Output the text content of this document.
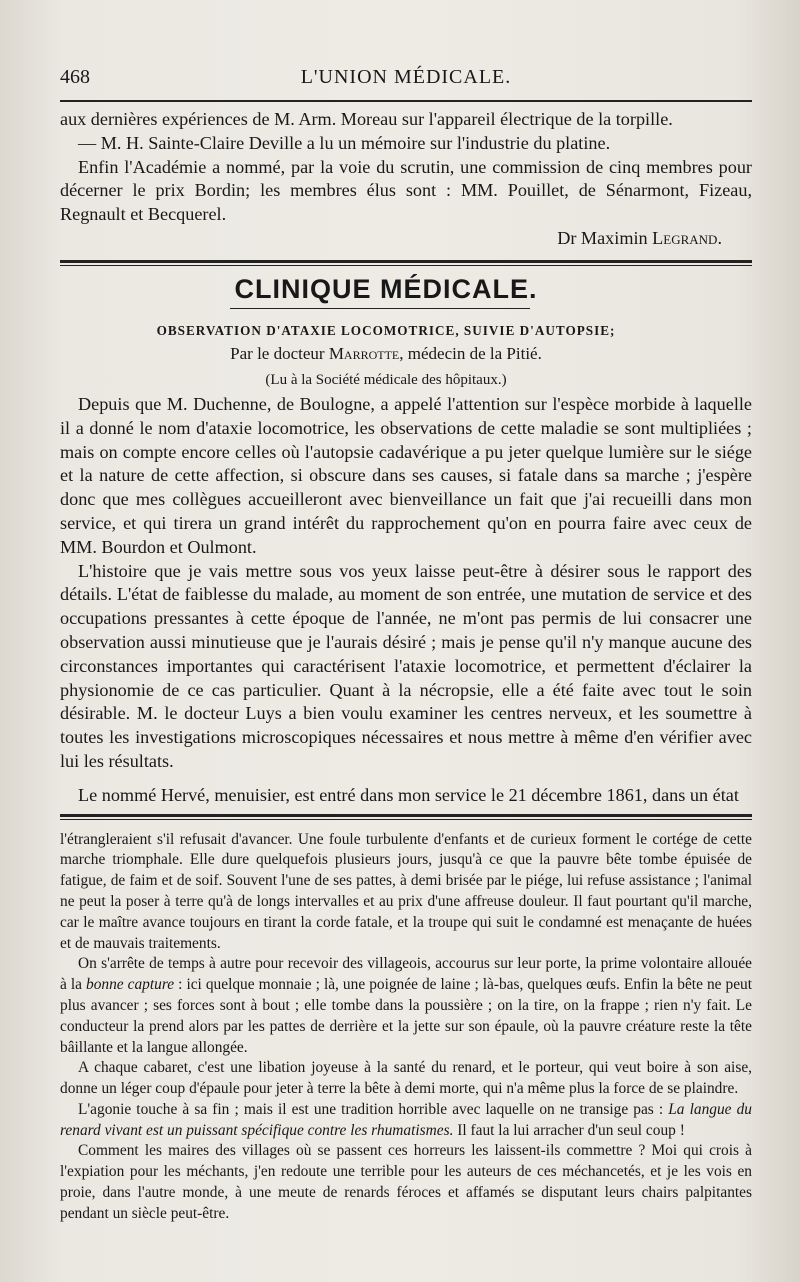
468	L'UNION MÉDICALE.

aux dernières expériences de M. Arm. Moreau sur l'appareil électrique de la torpille.

— M. H. Sainte-Claire Deville a lu un mémoire sur l'industrie du platine.

Enfin l'Académie a nommé, par la voie du scrutin, une commission de cinq membres pour décerner le prix Bordin; les membres élus sont : MM. Pouillet, de Sénarmont, Fizeau, Regnault et Becquerel.

Dr Maximin Legrand.

CLINIQUE MÉDICALE.
OBSERVATION D'ATAXIE LOCOMOTRICE, SUIVIE D'AUTOPSIE;
Par le docteur Marrotte, médecin de la Pitié.
(Lu à la Société médicale des hôpitaux.)

Depuis que M. Duchenne, de Boulogne, a appelé l'attention sur l'espèce morbide à laquelle il a donné le nom d'ataxie locomotrice, les observations de cette maladie se sont multipliées ; mais on compte encore celles où l'autopsie cadavérique a pu jeter quelque lumière sur le siége et la nature de cette affection, si obscure dans ses causes, si fatale dans sa marche ; j'espère donc que mes collègues accueilleront avec bienveillance un fait que j'ai recueilli dans mon service, et qui tirera un grand intérêt du rapprochement qu'on en pourra faire avec ceux de MM. Bourdon et Oulmont.

L'histoire que je vais mettre sous vos yeux laisse peut-être à désirer sous le rapport des détails. L'état de faiblesse du malade, au moment de son entrée, une mutation de service et des occupations pressantes à cette époque de l'année, ne m'ont pas permis de lui consacrer une observation aussi minutieuse que je l'aurais désiré ; mais je pense qu'il n'y manque aucune des circonstances importantes qui caractérisent l'ataxie locomotrice, et permettent d'éclairer la physionomie de ce cas particulier. Quant à la nécropsie, elle a été faite avec tout le soin désirable. M. le docteur Luys a bien voulu examiner les centres nerveux, et les soumettre à toutes les investigations microscopiques nécessaires et nous mettre à même d'en vérifier avec lui les résultats.

Le nommé Hervé, menuisier, est entré dans mon service le 21 décembre 1861, dans un état

l'étrangleraient s'il refusait d'avancer. Une foule turbulente d'enfants et de curieux forment le cortége de cette marche triomphale. Elle dure quelquefois plusieurs jours, jusqu'à ce que la pauvre bête tombe épuisée de fatigue, de faim et de soif. Souvent l'une de ses pattes, à demi brisée par le piége, lui refuse assistance ; l'animal ne peut la poser à terre qu'à de longs intervalles et au prix d'une affreuse douleur. Il faut pourtant qu'il marche, car le maître avance toujours en tirant la corde fatale, et la troupe qui suit le condamné est menaçante de huées et de mauvais traitements.

On s'arrête de temps à autre pour recevoir des villageois, accourus sur leur porte, la prime volontaire allouée à la bonne capture : ici quelque monnaie ; là, une poignée de laine ; là-bas, quelques œufs. Enfin la bête ne peut plus avancer ; ses forces sont à bout ; elle tombe dans la poussière ; on la tire, on la frappe ; rien n'y fait. Le conducteur la prend alors par les pattes de derrière et la jette sur son épaule, où la pauvre créature reste la tête bâillante et la langue allongée.

A chaque cabaret, c'est une libation joyeuse à la santé du renard, et le porteur, qui veut boire à son aise, donne un léger coup d'épaule pour jeter à terre la bête à demi morte, qui n'a même plus la force de se plaindre.

L'agonie touche à sa fin ; mais il est une tradition horrible avec laquelle on ne transige pas : La langue du renard vivant est un puissant spécifique contre les rhumatismes. Il faut la lui arracher d'un seul coup !

Comment les maires des villages où se passent ces horreurs les laissent-ils commettre ? Moi qui crois à l'expiation pour les méchants, j'en redoute une terrible pour les auteurs de ces méchancetés, et je les vois en proie, dans l'autre monde, à une meute de renards féroces et affamés se disputant leurs chairs palpitantes pendant un siècle peut-être.
